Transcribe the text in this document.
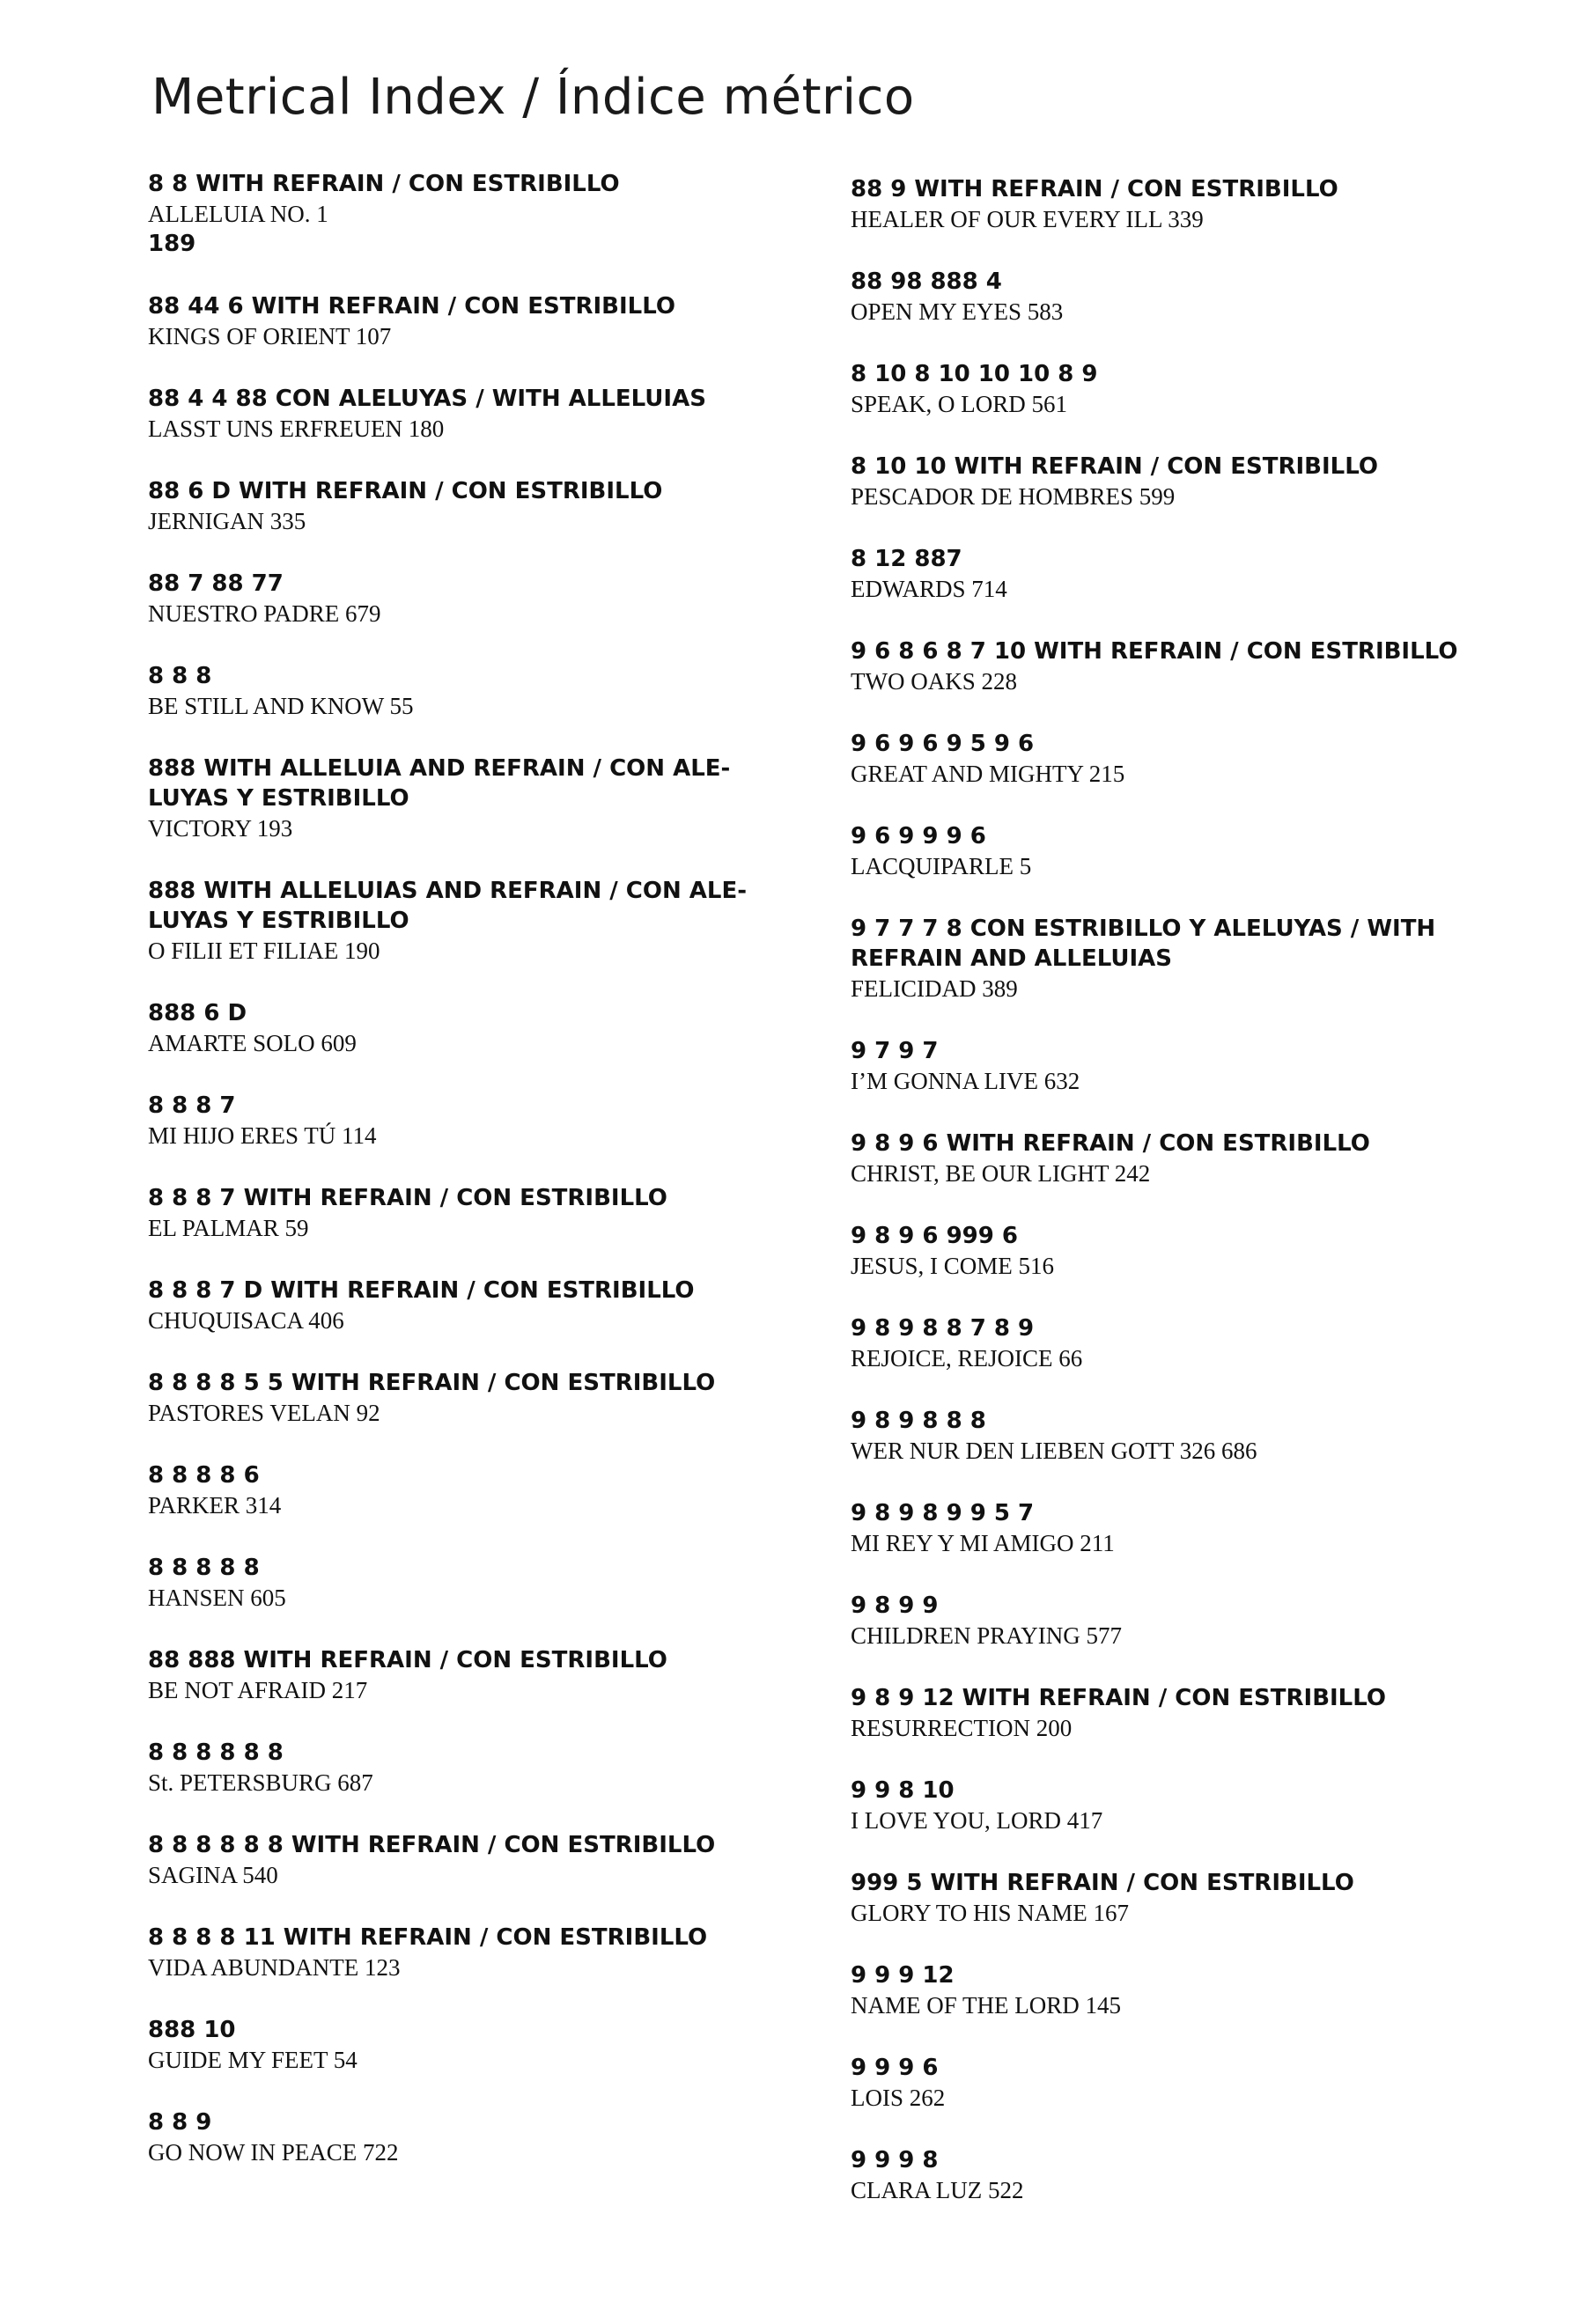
Metrical Index / Índice métrico
8 8 WITH REFRAIN / CON ESTRIBILLO
ALLELUIA NO. 1
189
88 44 6 WITH REFRAIN / CON ESTRIBILLO
KINGS OF ORIENT 107
88 4 4 88 CON ALELUYAS / WITH ALLELUIAS
LASST UNS ERFREUEN 180
88 6 D WITH REFRAIN / CON ESTRIBILLO
JERNIGAN 335
88 7 88 77
NUESTRO PADRE 679
8 8 8
BE STILL AND KNOW 55
888 WITH ALLELUIA AND REFRAIN / CON ALE-
LUYAS Y ESTRIBILLO
VICTORY 193
888 WITH ALLELUIAS AND REFRAIN / CON ALE-
LUYAS Y ESTRIBILLO
O FILII ET FILIAE 190
888 6 D
AMARTE SOLO 609
8 8 8 7
MI HIJO ERES TÚ 114
8 8 8 7 WITH REFRAIN / CON ESTRIBILLO
EL PALMAR 59
8 8 8 7 D WITH REFRAIN / CON ESTRIBILLO
CHUQUISACA 406
8 8 8 8 5 5 WITH REFRAIN / CON ESTRIBILLO
PASTORES VELAN 92
8 8 8 8 6
PARKER 314
8 8 8 8 8
HANSEN 605
88 888 WITH REFRAIN / CON ESTRIBILLO
BE NOT AFRAID 217
8 8 8 8 8 8
St. PETERSBURG 687
8 8 8 8 8 8 WITH REFRAIN / CON ESTRIBILLO
SAGINA 540
8 8 8 8 11 WITH REFRAIN / CON ESTRIBILLO
VIDA ABUNDANTE 123
888 10
GUIDE MY FEET 54
8 8 9
GO NOW IN PEACE 722
88 9 WITH REFRAIN / CON ESTRIBILLO
HEALER OF OUR EVERY ILL 339
88 98 888 4
OPEN MY EYES 583
8 10 8 10 10 10 8 9
SPEAK, O LORD 561
8 10 10 WITH REFRAIN / CON ESTRIBILLO
PESCADOR DE HOMBRES 599
8 12 887
EDWARDS 714
9 6 8 6 8 7 10 WITH REFRAIN / CON ESTRIBILLO
TWO OAKS 228
9 6 9 6 9 5 9 6
GREAT AND MIGHTY 215
9 6 9 9 9 6
LACQUIPARLE 5
9 7 7 7 8 CON ESTRIBILLO Y ALELUYAS / WITH
REFRAIN AND ALLELUIAS
FELICIDAD 389
9 7 9 7
I’M GONNA LIVE 632
9 8 9 6 WITH REFRAIN / CON ESTRIBILLO
CHRIST, BE OUR LIGHT 242
9 8 9 6 999 6
JESUS, I COME 516
9 8 9 8 8 7 8 9
REJOICE, REJOICE 66
9 8 9 8 8 8
WER NUR DEN LIEBEN GOTT 326 686
9 8 9 8 9 9 5 7
MI REY Y MI AMIGO 211
9 8 9 9
CHILDREN PRAYING 577
9 8 9 12 WITH REFRAIN / CON ESTRIBILLO
RESURRECTION 200
9 9 8 10
I LOVE YOU, LORD 417
999 5 WITH REFRAIN / CON ESTRIBILLO
GLORY TO HIS NAME 167
9 9 9 12
NAME OF THE LORD 145
9 9 9 6
LOIS 262
9 9 9 8
CLARA LUZ 522
